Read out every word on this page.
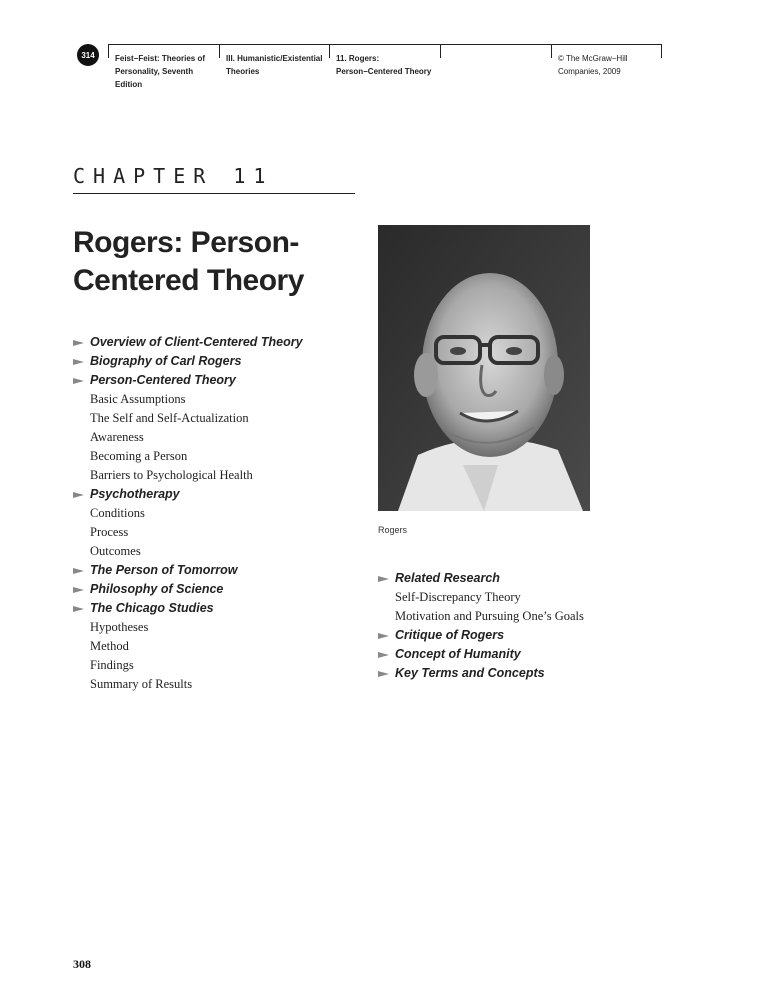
314	Feist−Feist: Theories of
Personality, Seventh
Edition
III. Humanistic/Existential
Theories
11. Rogers:
Person−Centered Theory
© The McGraw−Hill
Companies, 2009
CHAPTER 11
Rogers: Person-
Centered Theory
Overview of Client-Centered Theory
Biography of Carl Rogers
Person-Centered Theory
Basic Assumptions
The Self and Self-Actualization
Awareness
Becoming a Person
Barriers to Psychological Health
Psychotherapy
Conditions
Process
Outcomes
The Person of Tomorrow
Philosophy of Science
The Chicago Studies
Hypotheses
Method
Findings
Summary of Results
Related Research
Self-Discrepancy Theory
Motivation and Pursuing One’s Goals
Critique of Rogers
Concept of Humanity
Key Terms and Concepts
Rogers
308
